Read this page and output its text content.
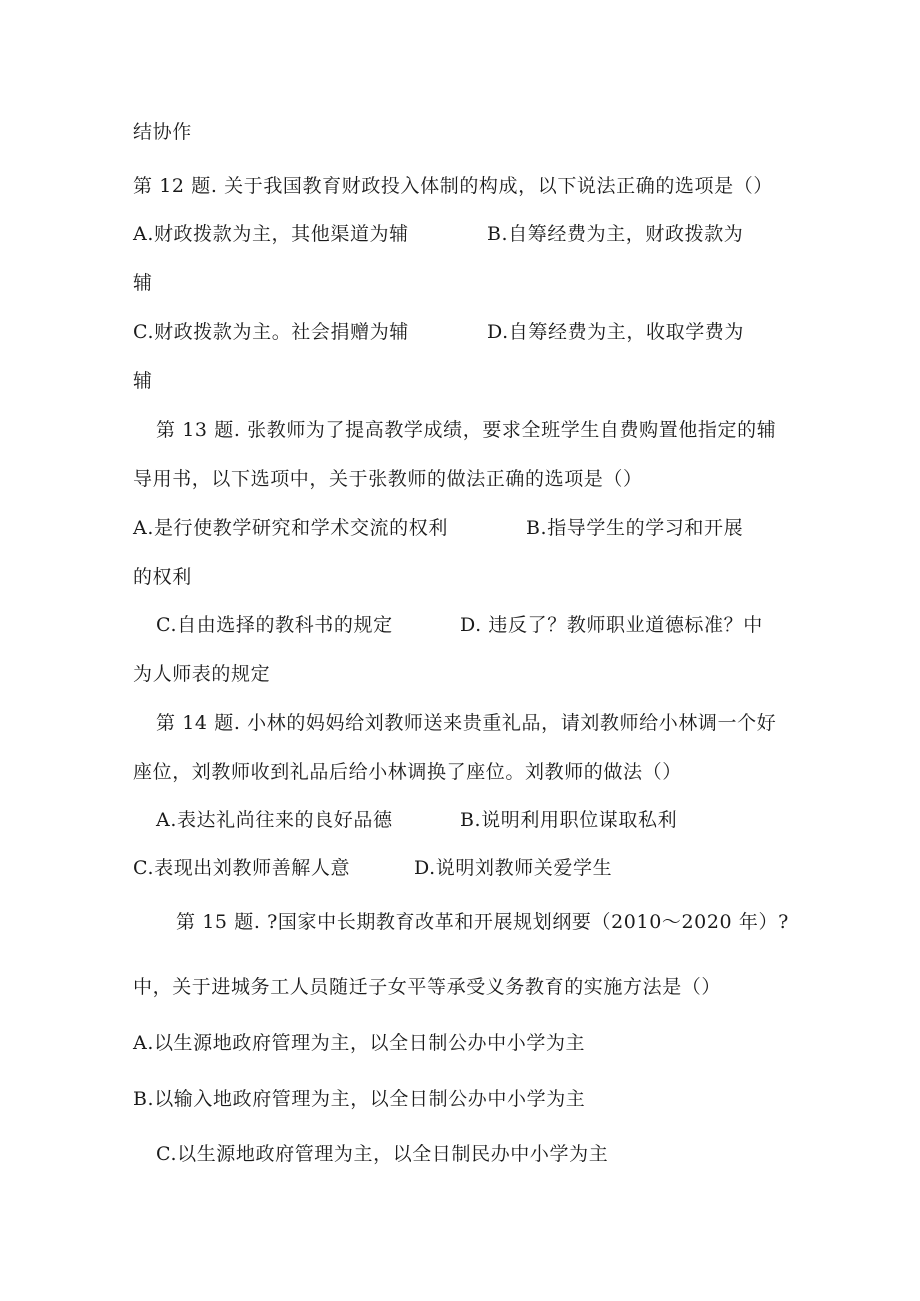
结协作
第 12 题. 关于我国教育财政投入体制的构成，以下说法正确的选项是（）
A.财政拨款为主，其他渠道为辅	B.自筹经费为主，财政拨款为
辅
C.财政拨款为主。社会捐赠为辅	D.自筹经费为主，收取学费为
辅
第 13 题. 张教师为了提高教学成绩，要求全班学生自费购置他指定的辅
导用书，以下选项中，关于张教师的做法正确的选项是（）
A.是行使教学研究和学术交流的权利	B.指导学生的学习和开展
的权利
C.自由选择的教科书的规定	D. 违反了？教师职业道德标准？中
为人师表的规定
第 14 题. 小林的妈妈给刘教师送来贵重礼品，请刘教师给小林调一个好
座位，刘教师收到礼品后给小林调换了座位。刘教师的做法（）
A.表达礼尚往来的良好品德	B.说明利用职位谋取私利
C.表现出刘教师善解人意	D.说明刘教师关爱学生
第 15 题. ?国家中长期教育改革和开展规划纲要（2010～2020 年）?
中，关于进城务工人员随迁子女平等承受义务教育的实施方法是（）
A.以生源地政府管理为主，以全日制公办中小学为主
B.以输入地政府管理为主，以全日制公办中小学为主
C.以生源地政府管理为主，以全日制民办中小学为主
